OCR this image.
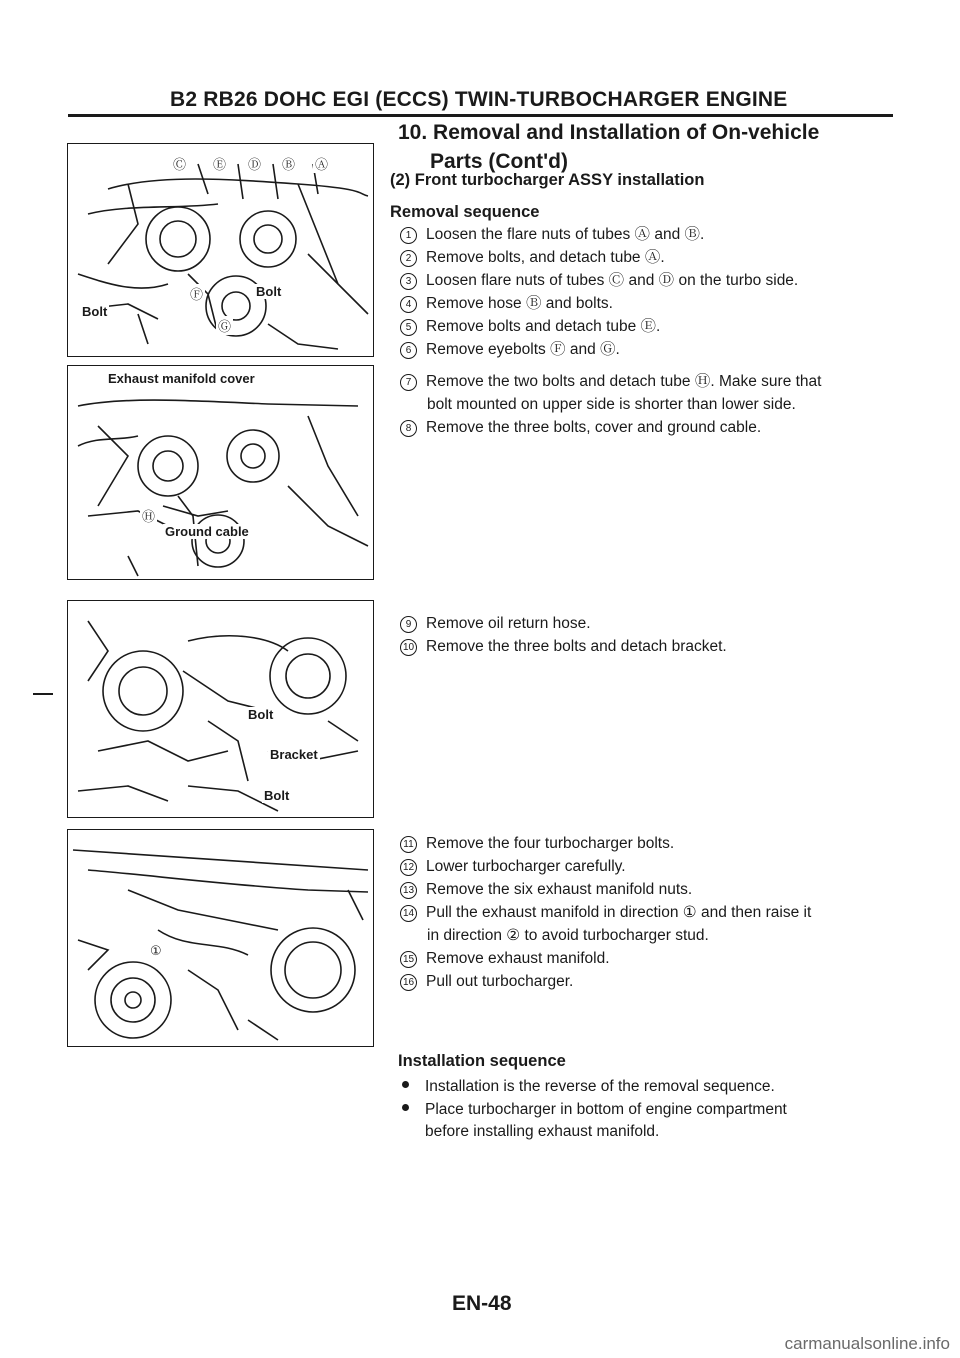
B2 RB26 DOHC EGI (ECCS) TWIN-TURBOCHARGER ENGINE
10. Removal and Installation of On-vehicle
Parts (Cont'd)
(2) Front turbocharger ASSY installation
Removal sequence
Ⓒ Ⓔ Ⓓ Ⓑ Ⓐ
Bolt
Bolt
Ⓕ
Ⓖ
1 Loosen the flare nuts of tubes Ⓐ and Ⓑ.
2 Remove bolts, and detach tube Ⓐ.
3 Loosen flare nuts of tubes Ⓒ and Ⓓ on the turbo side.
4 Remove hose Ⓑ and bolts.
5 Remove bolts and detach tube Ⓔ.
6 Remove eyebolts Ⓕ and Ⓖ.
Exhaust manifold cover
Ground cable
Ⓗ
7 Remove the two bolts and detach tube Ⓗ. Make sure that
bolt mounted on upper side is shorter than lower side.
8 Remove the three bolts, cover and ground cable.
Bolt
Bracket
Bolt
9 Remove oil return hose.
10 Remove the three bolts and detach bracket.
①
11 Remove the four turbocharger bolts.
12 Lower turbocharger carefully.
13 Remove the six exhaust manifold nuts.
14 Pull the exhaust manifold in direction ① and then raise it
in direction ② to avoid turbocharger stud.
15 Remove exhaust manifold.
16 Pull out turbocharger.
Installation sequence
Installation is the reverse of the removal sequence.
Place turbocharger in bottom of engine compartment
before installing exhaust manifold.
EN-48
carmanualsonline.info
